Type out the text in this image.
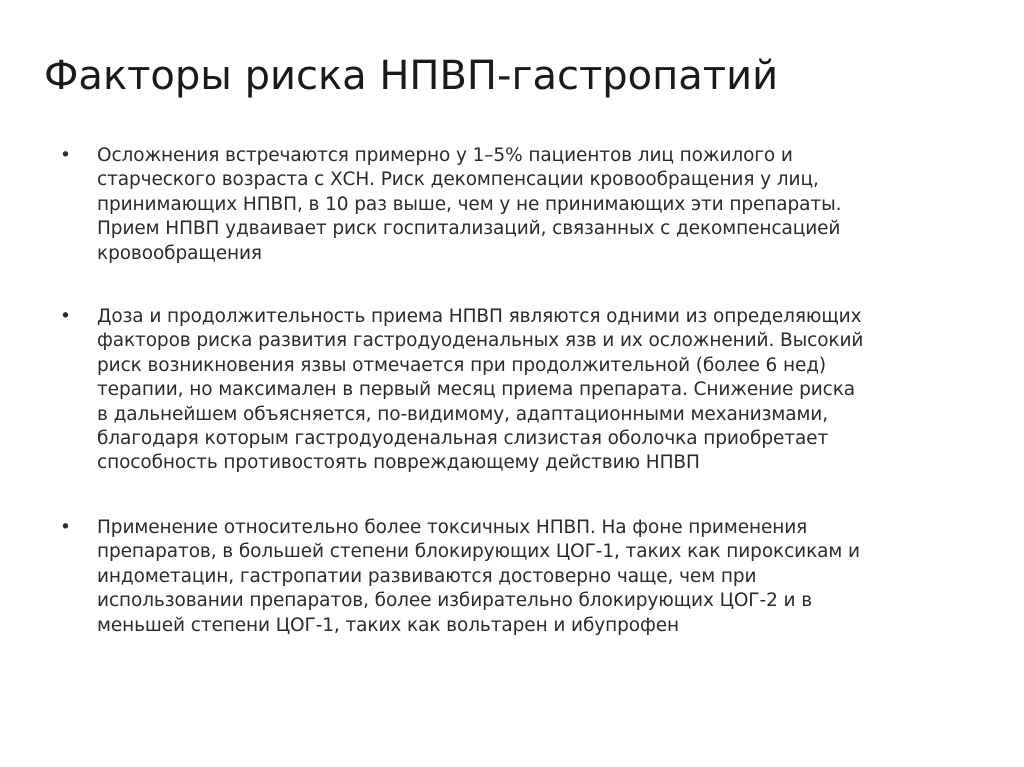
Факторы риска НПВП-гастропатий
•	Осложнения встречаются примерно у 1–5% пациентов лиц пожилого и
старческого возраста с ХСН. Риск декомпенсации кровообращения у лиц,
принимающих НПВП, в 10 раз выше, чем у не принимающих эти препараты.
Прием НПВП удваивает риск госпитализаций, связанных с декомпенсацией
кровообращения
•	Доза и продолжительность приема НПВП являются одними из определяющих
факторов риска развития гастродуоденальных язв и их осложнений. Высокий
риск возникновения язвы отмечается при продолжительной (более 6 нед)
терапии, но максимален в первый месяц приема препарата. Снижение риска
в дальнейшем объясняется, по-видимому, адаптационными механизмами,
благодаря которым гастродуоденальная слизистая оболочка приобретает
способность противостоять повреждающему действию НПВП
•	Применение относительно более токсичных НПВП. На фоне применения
препаратов, в большей степени блокирующих ЦОГ-1, таких как пироксикам и
индометацин, гастропатии развиваются достоверно чаще, чем при
использовании препаратов, более избирательно блокирующих ЦОГ-2 и в
меньшей степени ЦОГ-1, таких как вольтарен и ибупрофен
